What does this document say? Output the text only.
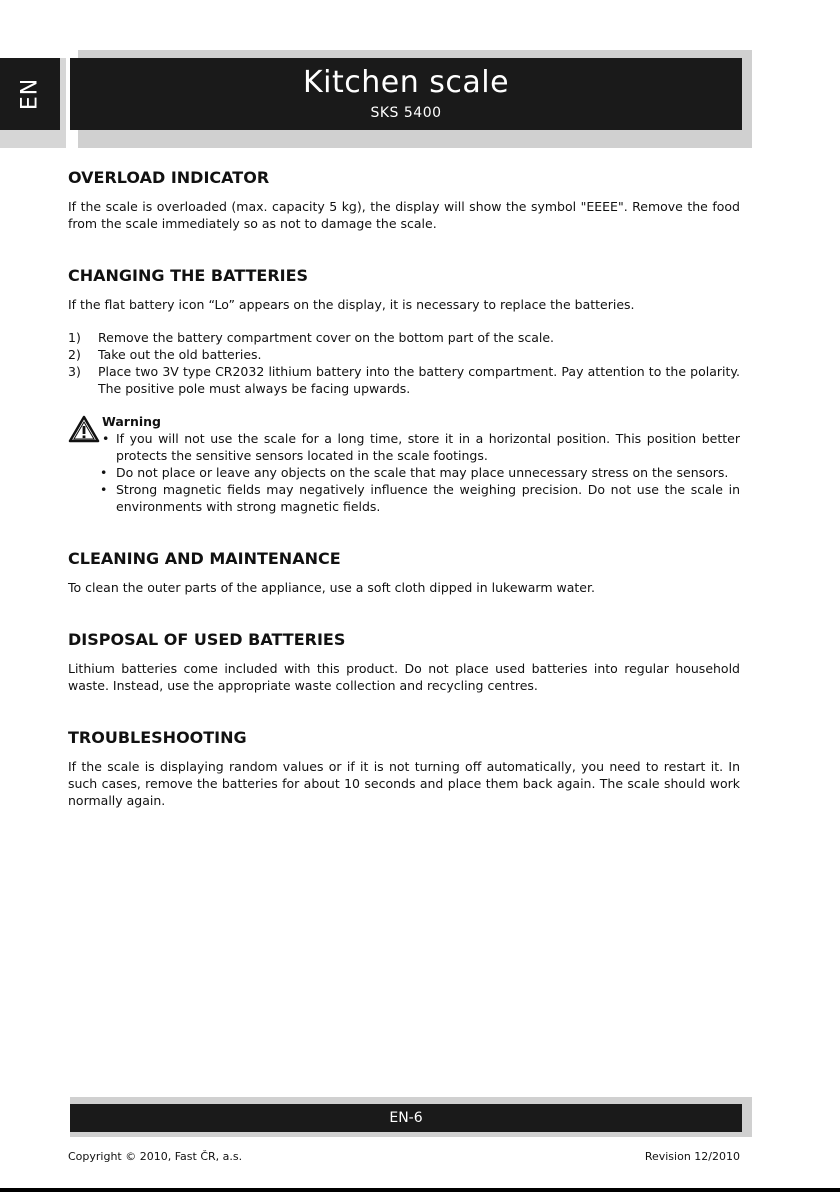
EN	Kitchen scale
SKS 5400
OVERLOAD INDICATOR

If the scale is overloaded (max. capacity 5 kg), the display will show the symbol "EEEE". Remove the food from the scale immediately so as not to damage the scale.

CHANGING THE BATTERIES

If the flat battery icon “Lo” appears on the display, it is necessary to replace the batteries.

1)	Remove the battery compartment cover on the bottom part of the scale.
2)	Take out the old batteries.
3)	Place two 3V type CR2032 lithium battery into the battery compartment. Pay attention to the polarity. The positive pole must always be facing upwards.
Warning
• If you will not use the scale for a long time, store it in a horizontal position. This position better protects the sensitive sensors located in the scale footings.
• Do not place or leave any objects on the scale that may place unnecessary stress on the sensors.
• Strong magnetic fields may negatively influence the weighing precision. Do not use the scale in environments with strong magnetic fields.
CLEANING AND MAINTENANCE

To clean the outer parts of the appliance, use a soft cloth dipped in lukewarm water.

DISPOSAL OF USED BATTERIES

Lithium batteries come included with this product. Do not place used batteries into regular household waste. Instead, use the appropriate waste collection and recycling centres.

TROUBLESHOOTING

If the scale is displaying random values or if it is not turning off automatically, you need to restart it. In such cases, remove the batteries for about 10 seconds and place them back again. The scale should work normally again.

EN-6
Copyright © 2010, Fast ČR, a.s.	Revision 12/2010
